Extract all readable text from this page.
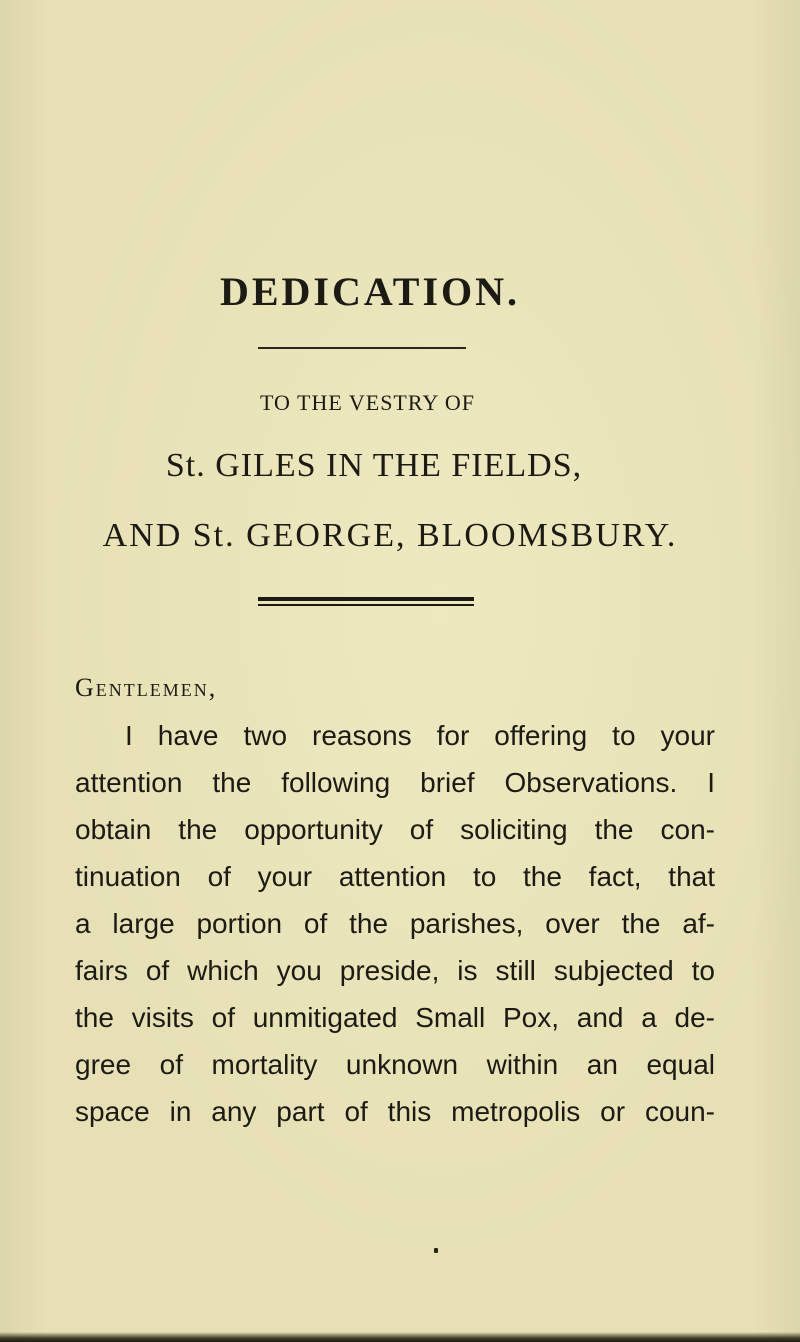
DEDICATION.
TO THE VESTRY OF
St. GILES IN THE FIELDS,
AND St. GEORGE, BLOOMSBURY.
Gentlemen,
I have two reasons for offering to your
attention the following brief Observations. I
obtain the opportunity of soliciting the con-
tinuation of your attention to the fact, that
a large portion of the parishes, over the af-
fairs of which you preside, is still subjected to
the visits of unmitigated Small Pox, and a de-
gree of mortality unknown within an equal
space in any part of this metropolis or coun-
